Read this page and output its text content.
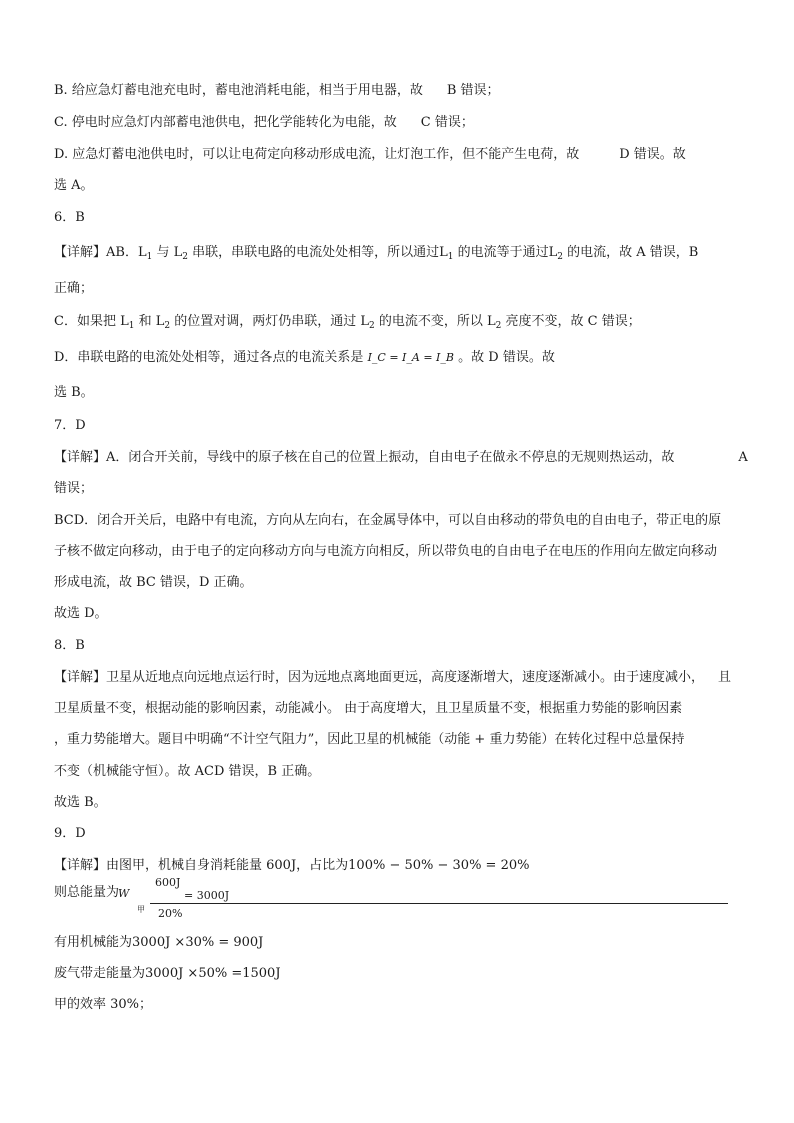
B. 给应急灯蓄电池充电时，蓄电池消耗电能，相当于用电器，故 B 错误；
C. 停电时应急灯内部蓄电池供电，把化学能转化为电能，故 C 错误；
D. 应急灯蓄电池供电时，可以让电荷定向移动形成电流，让灯泡工作，但不能产生电荷，故	D 错误。故
选 A。
6．B
【详解】AB．$L_1$ 与 $L_2$ 串联，串联电路的电流处处相等，所以通过$L_1$ 的电流等于通过$L_2$ 的电流，故 A 错误，B
正确；
C．如果把 $L_1$ 和 $L_2$ 的位置对调，两灯仍串联，通过 $L_2$ 的电流不变，所以 $L_2$ 亮度不变，故 C 错误；
D．串联电路的电流处处相等，通过各点的电流关系是 I_C = I_A = I_B 。故 D 错误。故
选 B。
7．D
【详解】A．闭合开关前，导线中的原子核在自己的位置上振动，自由电子在做永不停息的无规则热运动，故	A
错误；
BCD．闭合开关后，电路中有电流，方向从左向右，在金属导体中，可以自由移动的带负电的自由电子，带正电的原
子核不做定向移动，由于电子的定向移动方向与电流方向相反，所以带负电的自由电子在电压的作用向左做定向移动
形成电流，故 BC 错误，D 正确。
故选 D。
8．B
【详解】卫星从近地点向远地点运行时，因为远地点离地面更远，高度逐渐增大，速度逐渐减小。由于速度减小， 且
卫星质量不变，根据动能的影响因素，动能减小。 由于高度增大，且卫星质量不变，根据重力势能的影响因素
，重力势能增大。题目中明确“不计空气阻力”，因此卫星的机械能（动能 + 重力势能）在转化过程中总量保持
不变（机械能守恒）。故 ACD 错误，B 正确。
故选 B。
9．D
【详解】由图甲，机械自身消耗能量 600J，占比为100% − 50% − 30% = 20%
则总能量为
W
600J
= 3000J
20%
甲
有用机械能为3000J ×30% = 900J
废气带走能量为3000J ×50% =1500J
甲的效率 30%；
